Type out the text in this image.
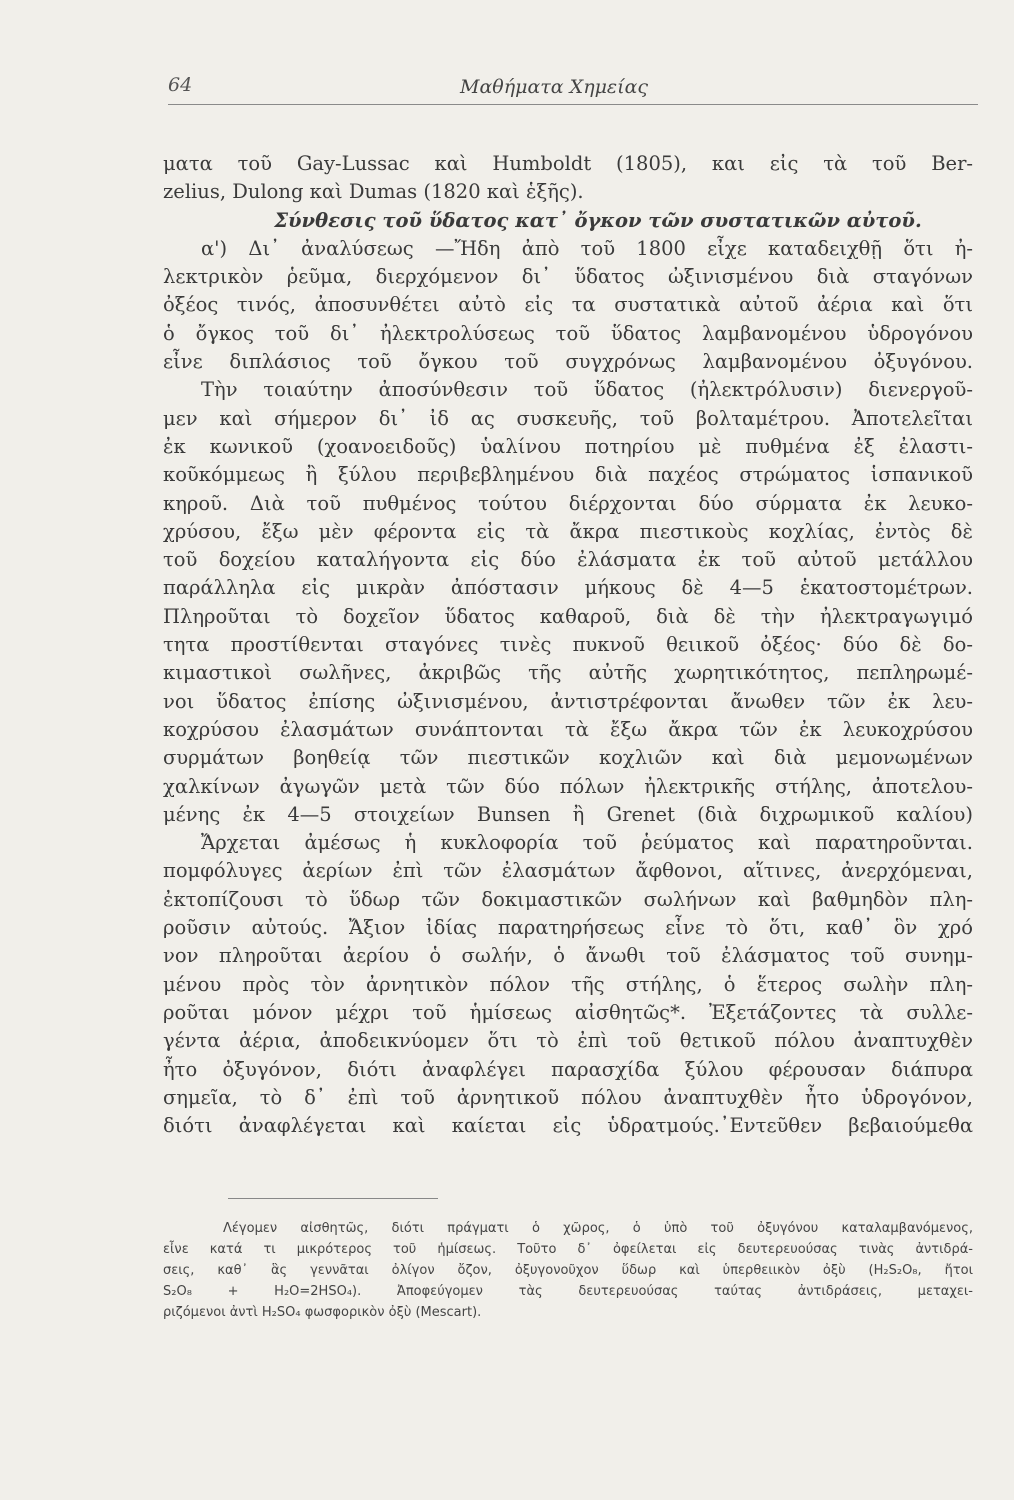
64	Μαθήματα Χημείας
ματα τοῦ Gay-Lussac καὶ Humboldt (1805), και εἰς τὰ τοῦ Ber-
zelius, Dulong καὶ Dumas (1820 καὶ ἑξῆς).
Σύνθεσις τοῦ ὕδατος κατ᾽ ὄγκον τῶν συστατικῶν αὐτοῦ.
α') Δι᾽ ἀναλύσεως —Ἤδη ἀπὸ τοῦ 1800 εἶχε καταδειχθῇ ὅτι ἠ-
λεκτρικὸν ῥεῦμα, διερχόμενον δι᾽ ὕδατος ὠξινισμένου διὰ σταγόνων
ὀξέος τινός, ἀποσυνθέτει αὐτὸ εἰς τα συστατικὰ αὐτοῦ ἀέρια καὶ ὅτι
ὁ ὄγκος τοῦ δι᾽ ἠλεκτρολύσεως τοῦ ὕδατος λαμβανομένου ὑδρογόνου
εἶνε διπλάσιος τοῦ ὄγκου τοῦ συγχρόνως λαμβανομένου ὀξυγόνου.
Τὴν τοιαύτην ἀποσύνθεσιν τοῦ ὕδατος (ἠλεκτρόλυσιν) διενεργοῦ-
μεν καὶ σήμερον δι᾽ ἰδ ας συσκευῆς, τοῦ βολταμέτρου. Ἀποτελεῖται
ἐκ κωνικοῦ (χοανοειδοῦς) ὑαλίνου ποτηρίου μὲ πυθμένα ἐξ ἐλαστι-
κοῦκόμμεως ἢ ξύλου περιβεβλημένου διὰ παχέος στρώματος ἱσπανικοῦ
κηροῦ. Διὰ τοῦ πυθμένος τούτου διέρχονται δύο σύρματα ἐκ λευκο-
χρύσου, ἔξω μὲν φέροντα εἰς τὰ ἄκρα πιεστικοὺς κοχλίας, ἐντὸς δὲ
τοῦ δοχείου καταλήγοντα εἰς δύο ἐλάσματα ἐκ τοῦ αὐτοῦ μετάλλου
παράλληλα εἰς μικρὰν ἀπόστασιν μήκους δὲ 4—5 ἑκατοστομέτρων.
Πληροῦται τὸ δοχεῖον ὕδατος καθαροῦ, διὰ δὲ τὴν ἠλεκτραγωγιμό
τητα προστίθενται σταγόνες τινὲς πυκνοῦ θειικοῦ ὀξέος· δύο δὲ δο-
κιμαστικοὶ σωλῆνες, ἀκριβῶς τῆς αὐτῆς χωρητικότητος, πεπληρωμέ-
νοι ὕδατος ἐπίσης ὠξινισμένου, ἀντιστρέφονται ἄνωθεν τῶν ἐκ λευ-
κοχρύσου ἐλασμάτων συνάπτονται τὰ ἔξω ἄκρα τῶν ἐκ λευκοχρύσου
συρμάτων βοηθείᾳ τῶν πιεστικῶν κοχλιῶν καὶ διὰ μεμονωμένων
χαλκίνων ἀγωγῶν μετὰ τῶν δύο πόλων ἠλεκτρικῆς στήλης, ἀποτελου-
μένης ἐκ 4—5 στοιχείων Bunsen ἢ Grenet (διὰ διχρωμικοῦ καλίου)
Ἄρχεται ἀμέσως ἡ κυκλοφορία τοῦ ῥεύματος καὶ παρατηροῦνται.
πομφόλυγες ἀερίων ἐπὶ τῶν ἐλασμάτων ἄφθονοι, αἵτινες, ἀνερχόμεναι,
ἐκτοπίζουσι τὸ ὕδωρ τῶν δοκιμαστικῶν σωλήνων καὶ βαθμηδὸν πλη-
ροῦσιν αὐτούς. Ἄξιον ἰδίας παρατηρήσεως εἶνε τὸ ὅτι, καθ᾽ ὃν χρό
νον πληροῦται ἀερίου ὁ σωλήν, ὁ ἄνωθι τοῦ ἐλάσματος τοῦ συνημ-
μένου πρὸς τὸν ἀρνητικὸν πόλον τῆς στήλης, ὁ ἕτερος σωλὴν πλη-
ροῦται μόνον μέχρι τοῦ ἡμίσεως αἰσθητῶς*. Ἐξετάζοντες τὰ συλλε-
γέντα ἀέρια, ἀποδεικνύομεν ὅτι τὸ ἐπὶ τοῦ θετικοῦ πόλου ἀναπτυχθὲν
ἦτο ὀξυγόνον, διότι ἀναφλέγει παρασχίδα ξύλου φέρουσαν διάπυρα
σημεῖα, τὸ δ᾽ ἐπὶ τοῦ ἀρνητικοῦ πόλου ἀναπτυχθὲν ἦτο ὑδρογόνον,
διότι ἀναφλέγεται καὶ καίεται εἰς ὑδρατμούς.᾽Εντεῦθεν βεβαιούμεθα
Λέγομεν αἰσθητῶς, διότι πράγματι ὁ χῶρος, ὁ ὑπὸ τοῦ ὀξυγόνου καταλαμβανόμενος,
εἶνε κατά τι μικρότερος τοῦ ἡμίσεως. Τοῦτο δ᾽ ὀφείλεται εἰς δευτερευούσας τινὰς ἀντιδρά-
σεις, καθ᾽ ἃς γεννᾶται ὀλίγον ὄζον, ὀξυγονοῦχον ὕδωρ καὶ ὑπερθειικὸν ὀξὺ (H₂S₂O₈, ἤτοι
S₂O₈ + H₂O=2HSO₄). Ἀποφεύγομεν τὰς δευτερευούσας ταύτας ἀντιδράσεις, μεταχει-
ριζόμενοι ἀντὶ H₂SO₄ φωσφορικὸν ὀξὺ (Mescart).
